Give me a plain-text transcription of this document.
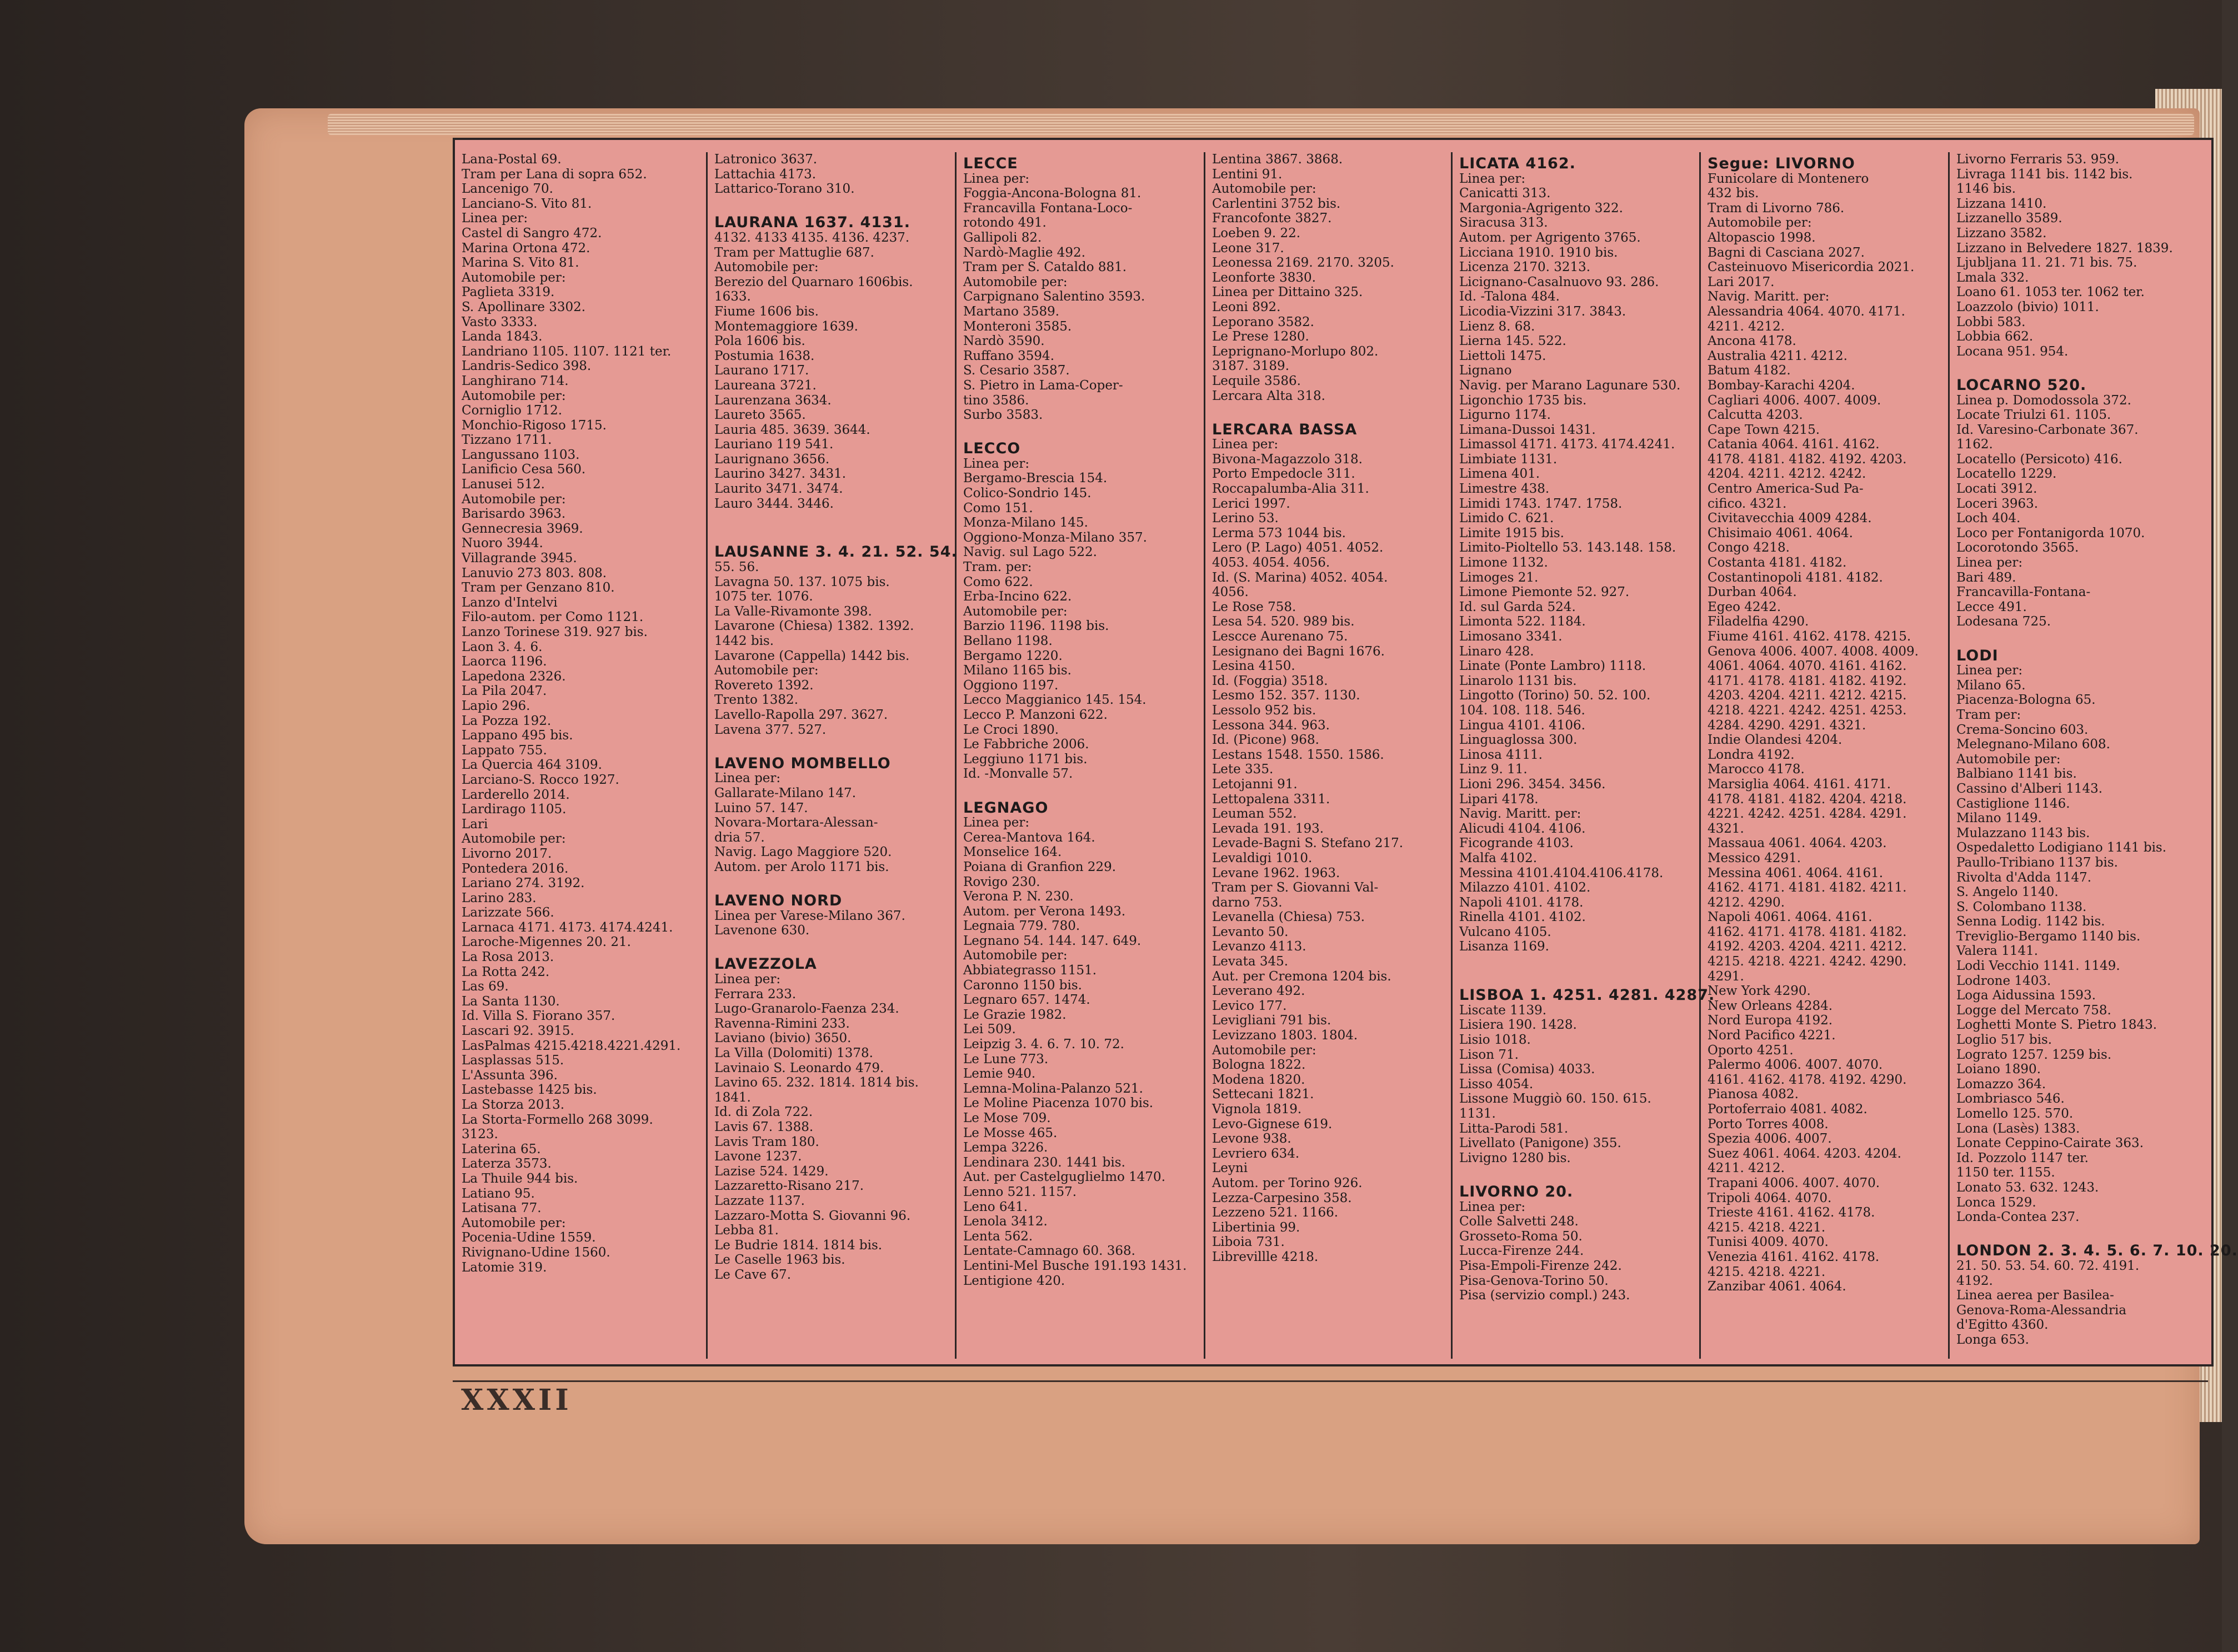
Lana-Postal 69.
Tram per Lana di sopra 652.
Lancenigo 70.
Lanciano-S. Vito 81.
Linea per:
Castel di Sangro 472.
Marina Ortona 472.
Marina S. Vito 81.
Automobile per:
Paglieta 3319.
S. Apollinare 3302.
Vasto 3333.
Landa 1843.
Landriano 1105. 1107. 1121 ter.
Landris-Sedico 398.
Langhirano 714.
Automobile per:
Corniglio 1712.
Monchio-Rigoso 1715.
Tizzano 1711.
Langussano 1103.
Lanificio Cesa 560.
Lanusei 512.
Automobile per:
Barisardo 3963.
Gennecresia 3969.
Nuoro 3944.
Villagrande 3945.
Lanuvio 273 803. 808.
Tram per Genzano 810.
Lanzo d'Intelvi
Filo-autom. per Como 1121.
Lanzo Torinese 319. 927 bis.
Laon 3. 4. 6.
Laorca 1196.
Lapedona 2326.
La Pila 2047.
Lapio 296.
La Pozza 192.
Lappano 495 bis.
Lappato 755.
La Quercia 464 3109.
Larciano-S. Rocco 1927.
Larderello 2014.
Lardirago 1105.
Lari
Automobile per:
Livorno 2017.
Pontedera 2016.
Lariano 274. 3192.
Larino 283.
Larizzate 566.
Larnaca 4171. 4173. 4174.4241.
Laroche-Migennes 20. 21.
La Rosa 2013.
La Rotta 242.
Las 69.
La Santa 1130.
Id. Villa S. Fiorano 357.
Lascari 92. 3915.
LasPalmas 4215.4218.4221.4291.
Lasplassas 515.
L'Assunta 396.
Lastebasse 1425 bis.
La Storza 2013.
La Storta-Formello 268 3099.
3123.
Laterina 65.
Laterza 3573.
La Thuile 944 bis.
Latiano 95.
Latisana 77.
Automobile per:
Pocenia-Udine 1559.
Rivignano-Udine 1560.
Latomie 319.
Latronico 3637.
Lattachia 4173.
Lattarico-Torano 310.
LAURANA 1637. 4131.
4132. 4133 4135. 4136. 4237.
Tram per Mattuglie 687.
Automobile per:
Berezio del Quarnaro 1606bis.
1633.
Fiume 1606 bis.
Montemaggiore 1639.
Pola 1606 bis.
Postumia 1638.
Laurano 1717.
Laureana 3721.
Laurenzana 3634.
Laureto 3565.
Lauria 485. 3639. 3644.
Lauriano 119 541.
Laurignano 3656.
Laurino 3427. 3431.
Laurito 3471. 3474.
Lauro 3444. 3446.
LAUSANNE 3. 4. 21. 52. 54.
55. 56.
Lavagna 50. 137. 1075 bis.
1075 ter. 1076.
La Valle-Rivamonte 398.
Lavarone (Chiesa) 1382. 1392.
1442 bis.
Lavarone (Cappella) 1442 bis.
Automobile per:
Rovereto 1392.
Trento 1382.
Lavello-Rapolla 297. 3627.
Lavena 377. 527.
LAVENO MOMBELLO
Linea per:
Gallarate-Milano 147.
Luino 57. 147.
Novara-Mortara-Alessan-
dria 57.
Navig. Lago Maggiore 520.
Autom. per Arolo 1171 bis.
LAVENO NORD
Linea per Varese-Milano 367.
Lavenone 630.
LAVEZZOLA
Linea per:
Ferrara 233.
Lugo-Granarolo-Faenza 234.
Ravenna-Rimini 233.
Laviano (bivio) 3650.
La Villa (Dolomiti) 1378.
Lavinaio S. Leonardo 479.
Lavino 65. 232. 1814. 1814 bis.
1841.
Id. di Zola 722.
Lavis 67. 1388.
Lavis Tram 180.
Lavone 1237.
Lazise 524. 1429.
Lazzaretto-Risano 217.
Lazzate 1137.
Lazzaro-Motta S. Giovanni 96.
Lebba 81.
Le Budrie 1814. 1814 bis.
Le Caselle 1963 bis.
Le Cave 67.
LECCE
Linea per:
Foggia-Ancona-Bologna 81.
Francavilla Fontana-Loco-
rotondo 491.
Gallipoli 82.
Nardò-Maglie 492.
Tram per S. Cataldo 881.
Automobile per:
Carpignano Salentino 3593.
Martano 3589.
Monteroni 3585.
Nardò 3590.
Ruffano 3594.
S. Cesario 3587.
S. Pietro in Lama-Coper-
tino 3586.
Surbo 3583.
LECCO
Linea per:
Bergamo-Brescia 154.
Colico-Sondrio 145.
Como 151.
Monza-Milano 145.
Oggiono-Monza-Milano 357.
Navig. sul Lago 522.
Tram. per:
Como 622.
Erba-Incino 622.
Automobile per:
Barzio 1196. 1198 bis.
Bellano 1198.
Bergamo 1220.
Milano 1165 bis.
Oggiono 1197.
Lecco Maggianico 145. 154.
Lecco P. Manzoni 622.
Le Croci 1890.
Le Fabbriche 2006.
Leggiuno 1171 bis.
Id. -Monvalle 57.
LEGNAGO
Linea per:
Cerea-Mantova 164.
Monselice 164.
Poiana di Granfion 229.
Rovigo 230.
Verona P. N. 230.
Autom. per Verona 1493.
Legnaia 779. 780.
Legnano 54. 144. 147. 649.
Automobile per:
Abbiategrasso 1151.
Caronno 1150 bis.
Legnaro 657. 1474.
Le Grazie 1982.
Lei 509.
Leipzig 3. 4. 6. 7. 10. 72.
Le Lune 773.
Lemie 940.
Lemna-Molina-Palanzo 521.
Le Moline Piacenza 1070 bis.
Le Mose 709.
Le Mosse 465.
Lempa 3226.
Lendinara 230. 1441 bis.
Aut. per Castelguglielmo 1470.
Lenno 521. 1157.
Leno 641.
Lenola 3412.
Lenta 562.
Lentate-Camnago 60. 368.
Lentini-Mel Busche 191.193 1431.
Lentigione 420.
Lentina 3867. 3868.
Lentini 91.
Automobile per:
Carlentini 3752 bis.
Francofonte 3827.
Loeben 9. 22.
Leone 317.
Leonessa 2169. 2170. 3205.
Leonforte 3830.
Linea per Dittaino 325.
Leoni 892.
Leporano 3582.
Le Prese 1280.
Leprignano-Morlupo 802.
3187. 3189.
Lequile 3586.
Lercara Alta 318.
LERCARA BASSA
Linea per:
Bivona-Magazzolo 318.
Porto Empedocle 311.
Roccapalumba-Alia 311.
Lerici 1997.
Lerino 53.
Lerma 573 1044 bis.
Lero (P. Lago) 4051. 4052.
4053. 4054. 4056.
Id. (S. Marina) 4052. 4054.
4056.
Le Rose 758.
Lesa 54. 520. 989 bis.
Lescce Aurenano 75.
Lesignano dei Bagni 1676.
Lesina 4150.
Id. (Foggia) 3518.
Lesmo 152. 357. 1130.
Lessolo 952 bis.
Lessona 344. 963.
Id. (Picone) 968.
Lestans 1548. 1550. 1586.
Lete 335.
Letojanni 91.
Lettopalena 3311.
Leuman 552.
Levada 191. 193.
Levade-Bagni S. Stefano 217.
Levaldigi 1010.
Levane 1962. 1963.
Tram per S. Giovanni Val-
darno 753.
Levanella (Chiesa) 753.
Levanto 50.
Levanzo 4113.
Levata 345.
Aut. per Cremona 1204 bis.
Leverano 492.
Levico 177.
Levigliani 791 bis.
Levizzano 1803. 1804.
Automobile per:
Bologna 1822.
Modena 1820.
Settecani 1821.
Vignola 1819.
Levo-Gignese 619.
Levone 938.
Levriero 634.
Leyni
Autom. per Torino 926.
Lezza-Carpesino 358.
Lezzeno 521. 1166.
Libertinia 99.
Liboia 731.
Librevillle 4218.
LICATA 4162.
Linea per:
Canicatti 313.
Margonia-Agrigento 322.
Siracusa 313.
Autom. per Agrigento 3765.
Licciana 1910. 1910 bis.
Licenza 2170. 3213.
Licignano-Casalnuovo 93. 286.
Id. -Talona 484.
Licodia-Vizzini 317. 3843.
Lienz 8. 68.
Lierna 145. 522.
Liettoli 1475.
Lignano
Navig. per Marano Lagunare 530.
Ligonchio 1735 bis.
Ligurno 1174.
Limana-Dussoi 1431.
Limassol 4171. 4173. 4174.4241.
Limbiate 1131.
Limena 401.
Limestre 438.
Limidi 1743. 1747. 1758.
Limido C. 621.
Limite 1915 bis.
Limito-Pioltello 53. 143.148. 158.
Limone 1132.
Limoges 21.
Limone Piemonte 52. 927.
Id. sul Garda 524.
Limonta 522. 1184.
Limosano 3341.
Linaro 428.
Linate (Ponte Lambro) 1118.
Linarolo 1131 bis.
Lingotto (Torino) 50. 52. 100.
104. 108. 118. 546.
Lingua 4101. 4106.
Linguaglossa 300.
Linosa 4111.
Linz 9. 11.
Lioni 296. 3454. 3456.
Lipari 4178.
Navig. Maritt. per:
Alicudi 4104. 4106.
Ficogrande 4103.
Malfa 4102.
Messina 4101.4104.4106.4178.
Milazzo 4101. 4102.
Napoli 4101. 4178.
Rinella 4101. 4102.
Vulcano 4105.
Lisanza 1169.
LISBOA 1. 4251. 4281. 4287.
Liscate 1139.
Lisiera 190. 1428.
Lisio 1018.
Lison 71.
Lissa (Comisa) 4033.
Lisso 4054.
Lissone Muggiò 60. 150. 615.
1131.
Litta-Parodi 581.
Livellato (Panigone) 355.
Livigno 1280 bis.
LIVORNO 20.
Linea per:
Colle Salvetti 248.
Grosseto-Roma 50.
Lucca-Firenze 244.
Pisa-Empoli-Firenze 242.
Pisa-Genova-Torino 50.
Pisa (servizio compl.) 243.
Segue: LIVORNO
Funicolare di Montenero
432 bis.
Tram di Livorno 786.
Automobile per:
Altopascio 1998.
Bagni di Casciana 2027.
Casteinuovo Misericordia 2021.
Lari 2017.
Navig. Maritt. per:
Alessandria 4064. 4070. 4171.
4211. 4212.
Ancona 4178.
Australia 4211. 4212.
Batum 4182.
Bombay-Karachi 4204.
Cagliari 4006. 4007. 4009.
Calcutta 4203.
Cape Town 4215.
Catania 4064. 4161. 4162.
4178. 4181. 4182. 4192. 4203.
4204. 4211. 4212. 4242.
Centro America-Sud Pa-
cifico. 4321.
Civitavecchia 4009 4284.
Chisimaio 4061. 4064.
Congo 4218.
Costanta 4181. 4182.
Costantinopoli 4181. 4182.
Durban 4064.
Egeo 4242.
Filadelfia 4290.
Fiume 4161. 4162. 4178. 4215.
Genova 4006. 4007. 4008. 4009.
4061. 4064. 4070. 4161. 4162.
4171. 4178. 4181. 4182. 4192.
4203. 4204. 4211. 4212. 4215.
4218. 4221. 4242. 4251. 4253.
4284. 4290. 4291. 4321.
Indie Olandesi 4204.
Londra 4192.
Marocco 4178.
Marsiglia 4064. 4161. 4171.
4178. 4181. 4182. 4204. 4218.
4221. 4242. 4251. 4284. 4291.
4321.
Massaua 4061. 4064. 4203.
Messico 4291.
Messina 4061. 4064. 4161.
4162. 4171. 4181. 4182. 4211.
4212. 4290.
Napoli 4061. 4064. 4161.
4162. 4171. 4178. 4181. 4182.
4192. 4203. 4204. 4211. 4212.
4215. 4218. 4221. 4242. 4290.
4291.
New York 4290.
New Orleans 4284.
Nord Europa 4192.
Nord Pacifico 4221.
Oporto 4251.
Palermo 4006. 4007. 4070.
4161. 4162. 4178. 4192. 4290.
Pianosa 4082.
Portoferraio 4081. 4082.
Porto Torres 4008.
Spezia 4006. 4007.
Suez 4061. 4064. 4203. 4204.
4211. 4212.
Trapani 4006. 4007. 4070.
Tripoli 4064. 4070.
Trieste 4161. 4162. 4178.
4215. 4218. 4221.
Tunisi 4009. 4070.
Venezia 4161. 4162. 4178.
4215. 4218. 4221.
Zanzibar 4061. 4064.
Livorno Ferraris 53. 959.
Livraga 1141 bis. 1142 bis.
1146 bis.
Lizzana 1410.
Lizzanello 3589.
Lizzano 3582.
Lizzano in Belvedere 1827. 1839.
Ljubljana 11. 21. 71 bis. 75.
Lmala 332.
Loano 61. 1053 ter. 1062 ter.
Loazzolo (bivio) 1011.
Lobbi 583.
Lobbia 662.
Locana 951. 954.
LOCARNO 520.
Linea p. Domodossola 372.
Locate Triulzi 61. 1105.
Id. Varesino-Carbonate 367.
1162.
Locatello (Persicoto) 416.
Locatello 1229.
Locati 3912.
Loceri 3963.
Loch 404.
Loco per Fontanigorda 1070.
Locorotondo 3565.
Linea per:
Bari 489.
Francavilla-Fontana-
Lecce 491.
Lodesana 725.
LODI
Linea per:
Milano 65.
Piacenza-Bologna 65.
Tram per:
Crema-Soncino 603.
Melegnano-Milano 608.
Automobile per:
Balbiano 1141 bis.
Cassino d'Alberi 1143.
Castiglione 1146.
Milano 1149.
Mulazzano 1143 bis.
Ospedaletto Lodigiano 1141 bis.
Paullo-Tribiano 1137 bis.
Rivolta d'Adda 1147.
S. Angelo 1140.
S. Colombano 1138.
Senna Lodig. 1142 bis.
Treviglio-Bergamo 1140 bis.
Valera 1141.
Lodi Vecchio 1141. 1149.
Lodrone 1403.
Loga Aidussina 1593.
Logge del Mercato 758.
Loghetti Monte S. Pietro 1843.
Loglio 517 bis.
Lograto 1257. 1259 bis.
Loiano 1890.
Lomazzo 364.
Lombriasco 546.
Lomello 125. 570.
Lona (Lasès) 1383.
Lonate Ceppino-Cairate 363.
Id. Pozzolo 1147 ter.
1150 ter. 1155.
Lonato 53. 632. 1243.
Lonca 1529.
Londa-Contea 237.
LONDON 2. 3. 4. 5. 6. 7. 10. 20.
21. 50. 53. 54. 60. 72. 4191.
4192.
Linea aerea per Basilea-
Genova-Roma-Alessandria
d'Egitto 4360.
Longa 653.
XXXII
